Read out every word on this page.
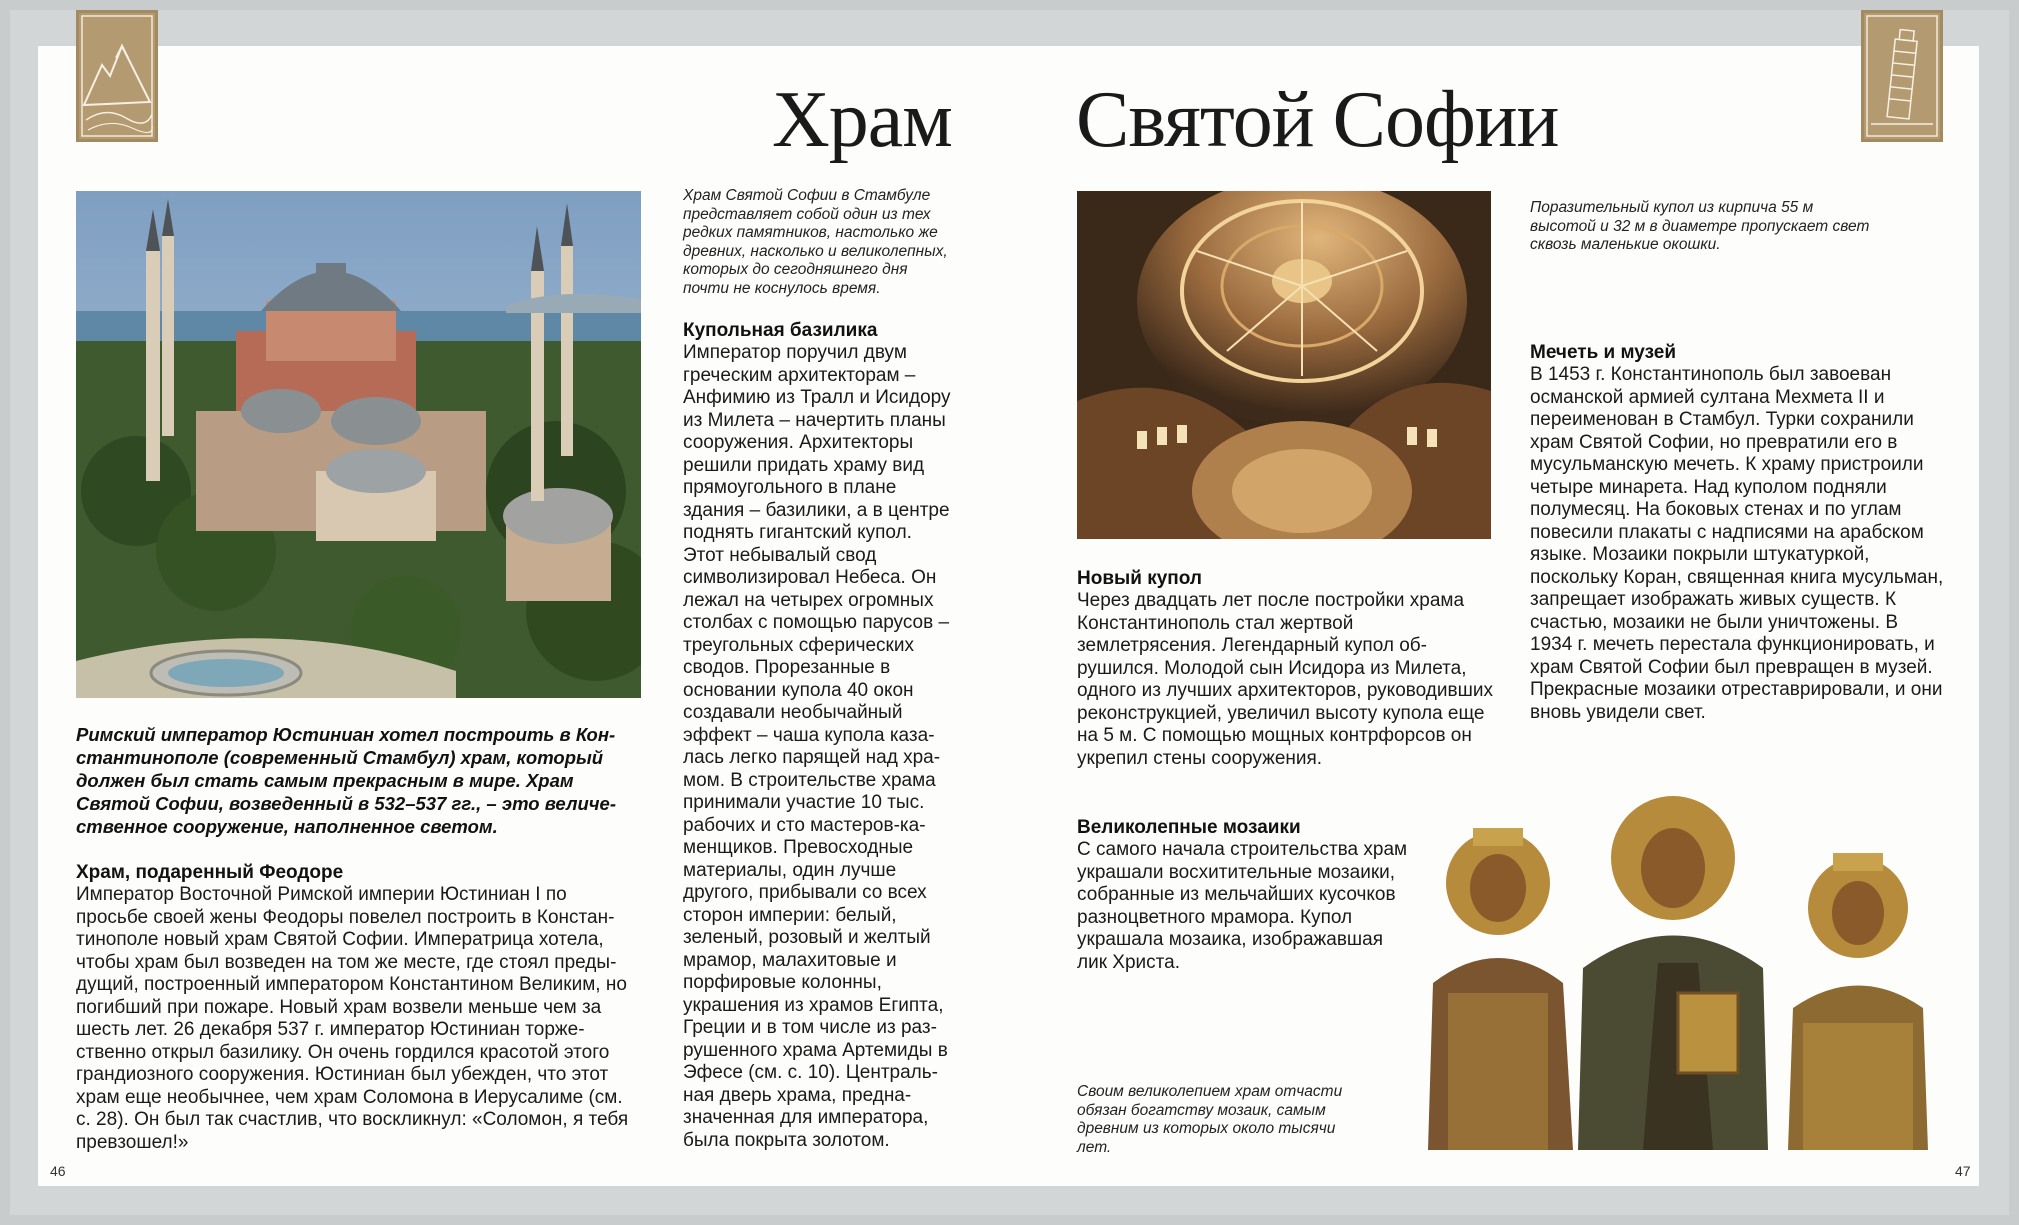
Храм Святой Софии

Римский император Юстиниан хотел построить в Константинополе (современный Стамбул) храм, который должен был стать самым прекрасным в мире. Храм Святой Софии, возведенный в 532–537 гг., – это величественное сооружение, наполненное светом.

Храм, подаренный Феодоре

Император Восточной Римской империи Юстиниан I по просьбе своей жены Феодоры повелел построить в Константинополе новый храм Святой Софии. Императрица хотела, чтобы храм был возведен на том же месте, где стоял предыдущий, построенный императором Константином Великим, но погибший при пожаре. Новый храм возвели меньше чем за шесть лет. 26 декабря 537 г. император Юстиниан торжественно открыл базилику. Он очень гордился красотой этого грандиозного сооружения. Юстиниан был убежден, что этот храм еще необычнее, чем храм Соломона в Иерусалиме (см. с. 28). Он был так счастлив, что воскликнул: «Соломон, я тебя превзошел!»

Храм Святой Софии в Стамбуле представляет собой один из тех редких памятников, настолько же древних, насколько и великолепных, которых до сегодняшнего дня почти не коснулось время.

Купольная базилика

Император поручил двум греческим архитекторам – Анфимию из Тралл и Исидору из Милета – начертить планы сооружения. Архитекторы решили придать храму вид прямоугольного в плане здания – базилики, а в центре поднять гигантский купол. Этот небывалый свод символизировал Небеса. Он лежал на четырех огромных столбах с помощью парусов – треугольных сферических сводов. Прорезанные в основании купола 40 окон создавали необычайный эффект – чаша купола казалась легко парящей над храмом. В строительстве храма принимали участие 10 тыс. рабочих и сто мастеров-каменщиков. Превосходные материалы, один лучше другого, прибывали со всех сторон империи: белый, зеленый, розовый и желтый мрамор, малахитовые и порфировые колонны, украшения из храмов Египта, Греции и в том числе из разрушенного храма Артемиды в Эфесе (см. с. 10). Центральная дверь храма, предназначенная для императора, была покрыта золотом.

46

Поразительный купол из кирпича 55 м высотой и 32 м в диаметре пропускает свет сквозь маленькие окошки.

Новый купол

Через двадцать лет после постройки храма Константинополь стал жертвой землетрясения. Легендарный купол обрушился. Молодой сын Исидора из Милета, одного из лучших архитекторов, руководивших реконструкцией, увеличил высоту купола еще на 5 м. С помощью мощных контрфорсов он укрепил стены сооружения.

Великолепные мозаики

С самого начала строительства храм украшали восхитительные мозаики, собранные из мельчайших кусочков разноцветного мрамора. Купол украшала мозаика, изображавшая лик Христа.

Своим великолепием храм отчасти обязан богатству мозаик, самым древним из которых около тысячи лет.

Мечеть и музей

В 1453 г. Константинополь был завоеван османской армией султана Мехмета II и переименован в Стамбул. Турки сохранили храм Святой Софии, но превратили его в мусульманскую мечеть. К храму пристроили четыре минарета. Над куполом подняли полумесяц. На боковых стенах и по углам повесили плакаты с надписями на арабском языке. Мозаики покрыли штукатуркой, поскольку Коран, священная книга мусульман, запрещает изображать живых существ. К счастью, мозаики не были уничтожены. В 1934 г. мечеть перестала функционировать, и храм Святой Софии был превращен в музей. Прекрасные мозаики отреставрировали, и они вновь увидели свет.

47
